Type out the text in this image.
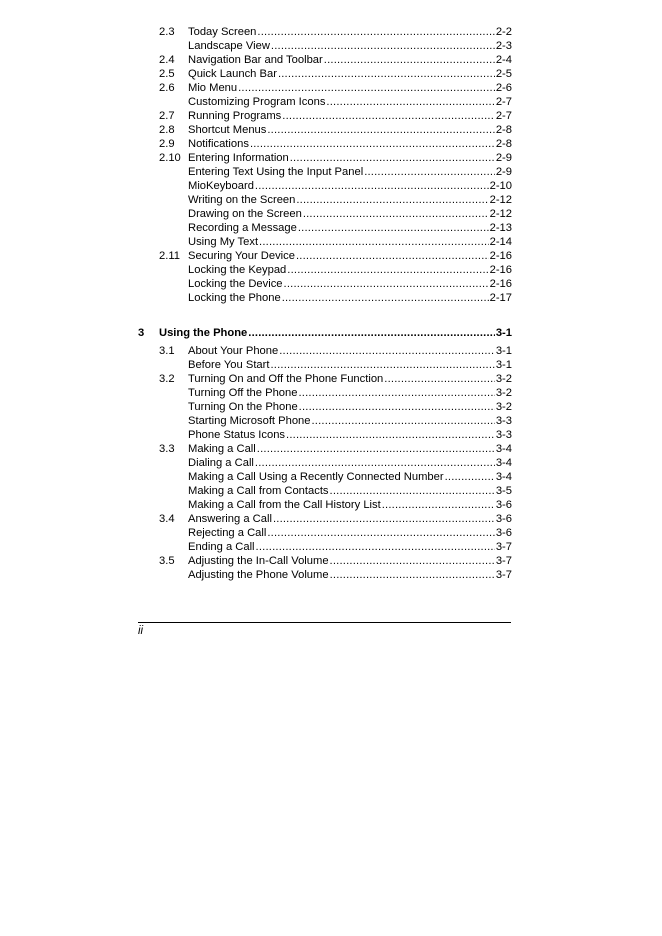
2.3 Today Screen .....	2-2
Landscape View .....	2-3
2.4 Navigation Bar and Toolbar .....	2-4
2.5 Quick Launch Bar .....	2-5
2.6 Mio Menu .....	2-6
Customizing Program Icons .....	2-7
2.7 Running Programs .....	2-7
2.8 Shortcut Menus .....	2-8
2.9 Notifications .....	2-8
2.10 Entering Information .....	2-9
Entering Text Using the Input Panel .....	2-9
MioKeyboard .....	2-10
Writing on the Screen .....	2-12
Drawing on the Screen .....	2-12
Recording a Message .....	2-13
Using My Text .....	2-14
2.11 Securing Your Device .....	2-16
Locking the Keypad .....	2-16
Locking the Device .....	2-16
Locking the Phone .....	2-17
3 Using the Phone .....	3-1
3.1 About Your Phone .....	3-1
Before You Start .....	3-1
3.2 Turning On and Off the Phone Function .....	3-2
Turning Off the Phone .....	3-2
Turning On the Phone .....	3-2
Starting Microsoft Phone .....	3-3
Phone Status Icons .....	3-3
3.3 Making a Call .....	3-4
Dialing a Call .....	3-4
Making a Call Using a Recently Connected Number .....	3-4
Making a Call from Contacts .....	3-5
Making a Call from the Call History List .....	3-6
3.4 Answering a Call .....	3-6
Rejecting a Call .....	3-6
Ending a Call .....	3-7
3.5 Adjusting the In-Call Volume .....	3-7
Adjusting the Phone Volume .....	3-7
ii
